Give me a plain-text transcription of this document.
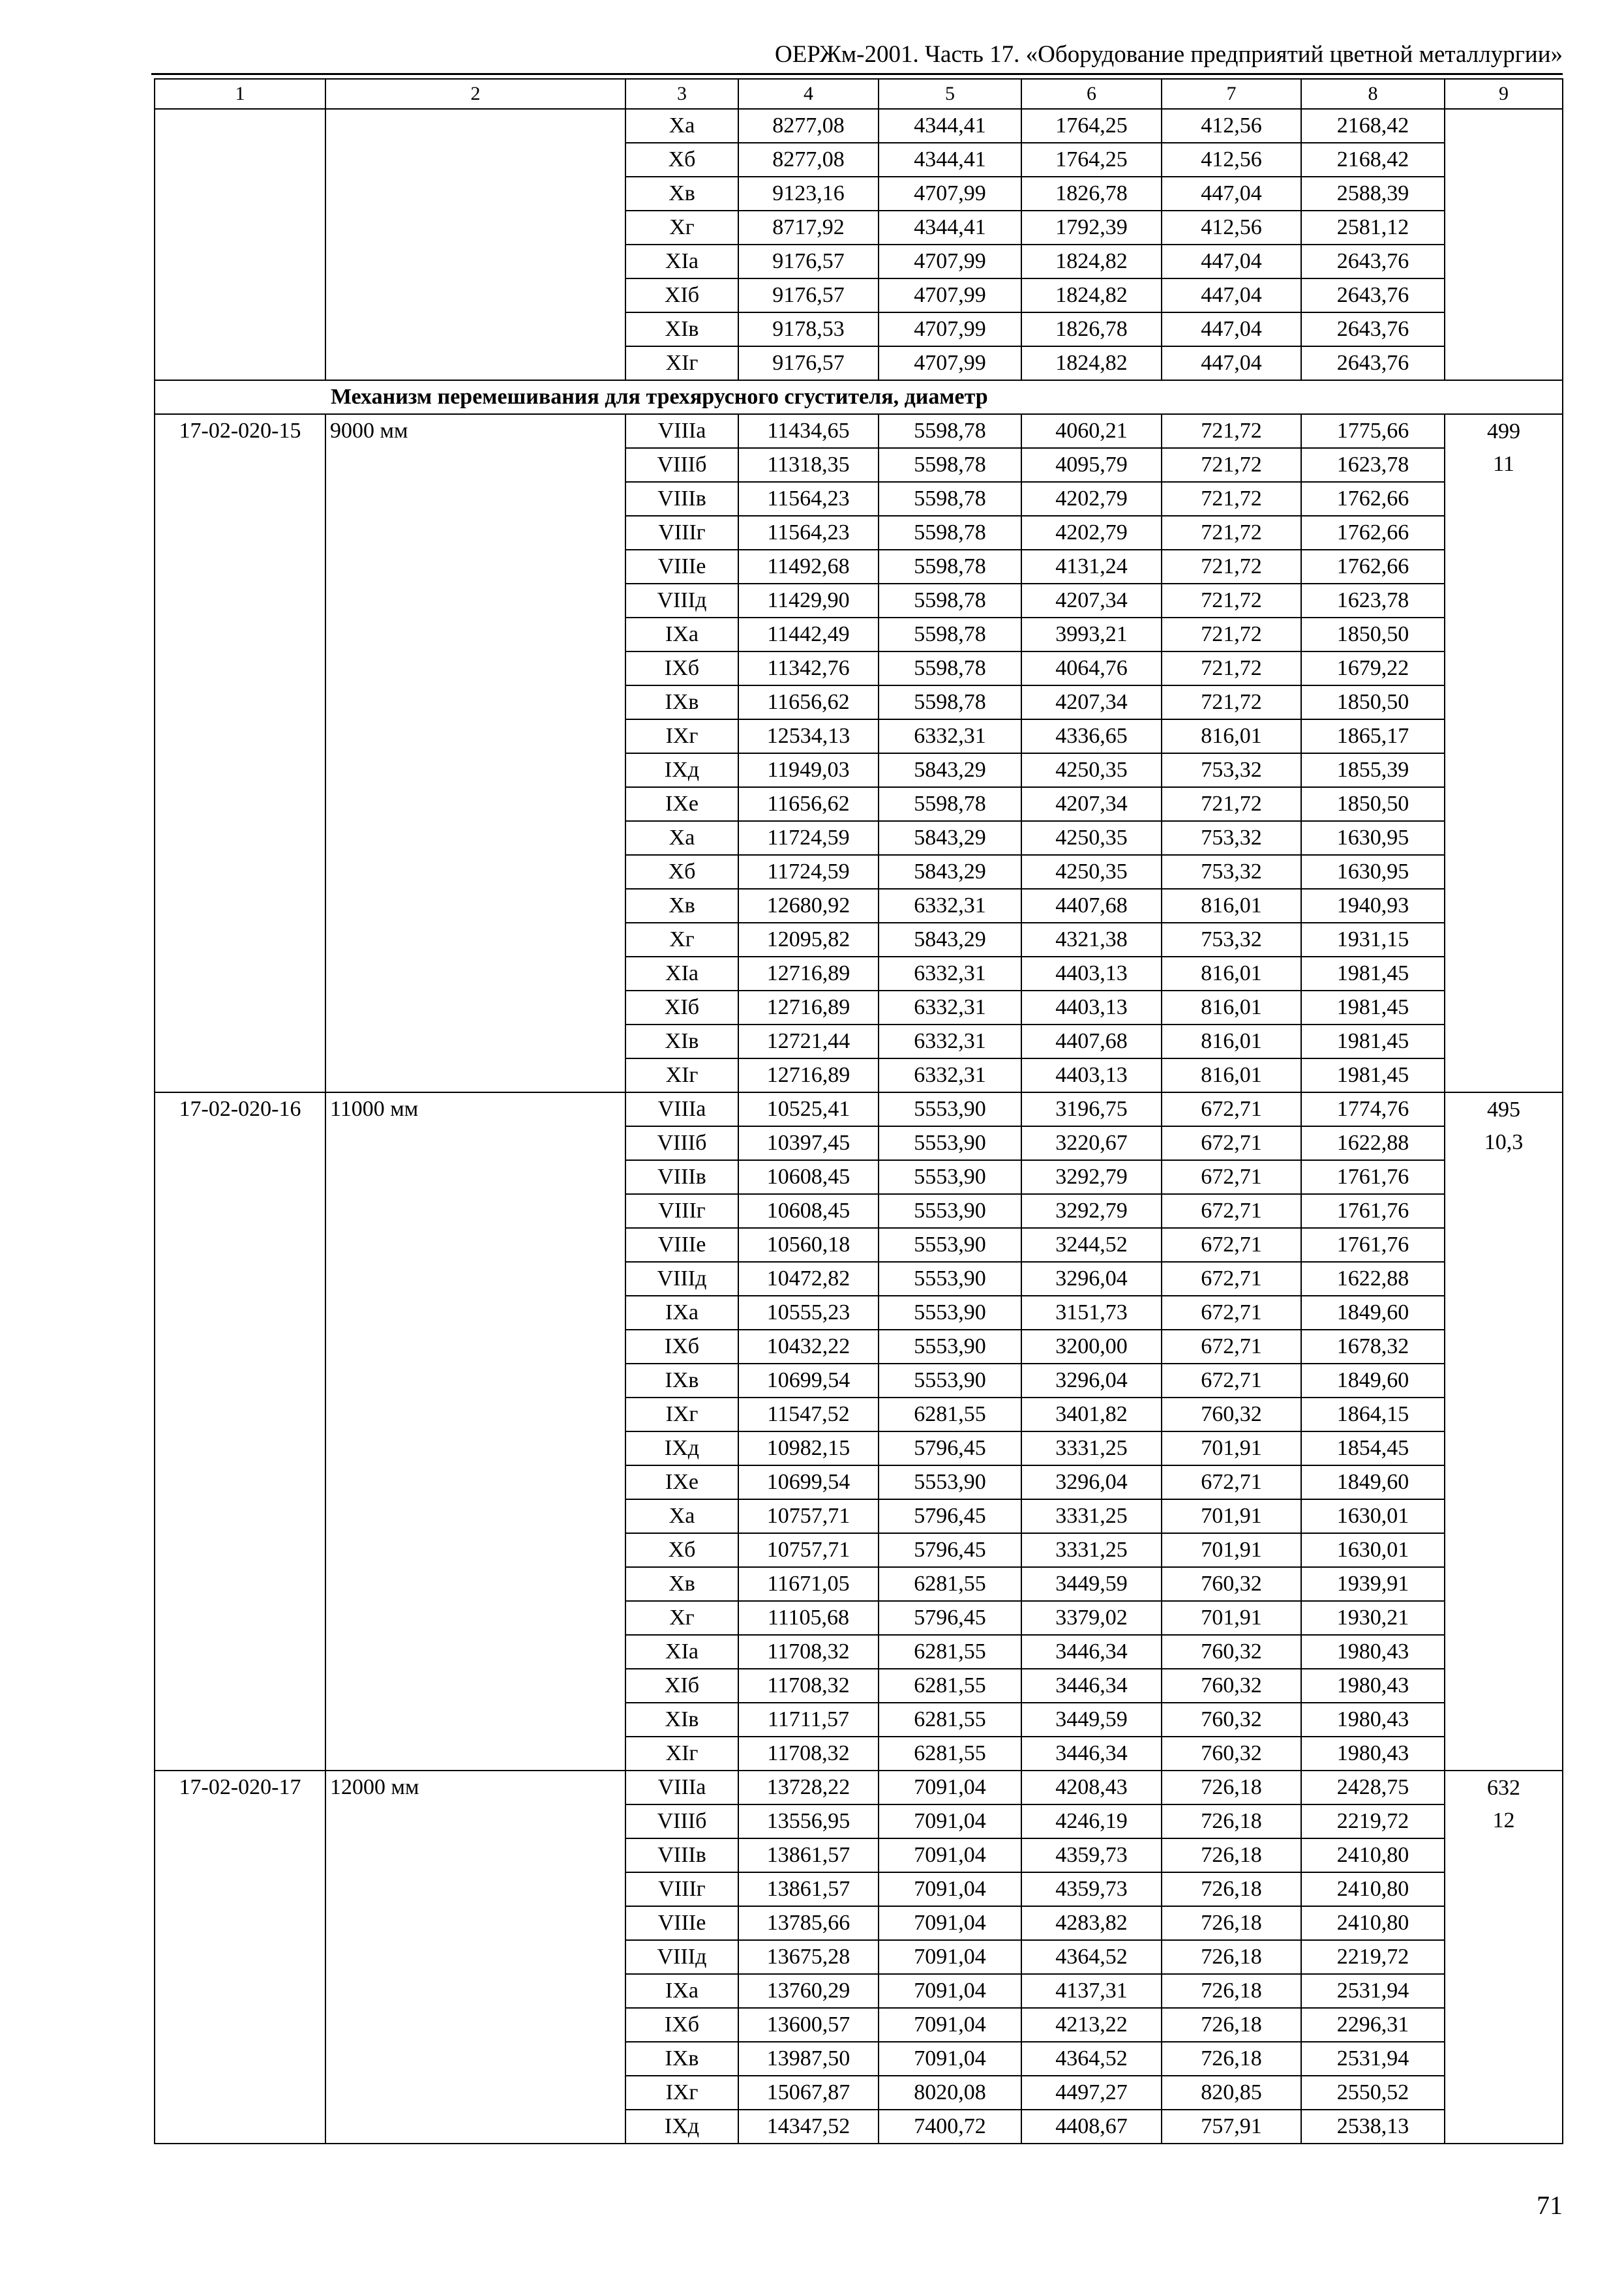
ОЕРЖм-2001. Часть 17. «Оборудование предприятий цветной металлургии»
1	2	3	4	5	6	7	8	9
		Xa	8277,08	4344,41	1764,25	412,56	2168,42	
		Xб	8277,08	4344,41	1764,25	412,56	2168,42	
		Xв	9123,16	4707,99	1826,78	447,04	2588,39	
		Xг	8717,92	4344,41	1792,39	412,56	2581,12	
		XIa	9176,57	4707,99	1824,82	447,04	2643,76	
		XIб	9176,57	4707,99	1824,82	447,04	2643,76	
		XIв	9178,53	4707,99	1826,78	447,04	2643,76	
		XIг	9176,57	4707,99	1824,82	447,04	2643,76	
	Механизм перемешивания для трехярусного сгустителя, диаметр							
17-02-020-15	9000 мм	VIIIa	11434,65	5598,78	4060,21	721,72	1775,66	499
		VIIIб	11318,35	5598,78	4095,79	721,72	1623,78	11
		VIIIв	11564,23	5598,78	4202,79	721,72	1762,66	
		VIIIг	11564,23	5598,78	4202,79	721,72	1762,66	
		VIIIe	11492,68	5598,78	4131,24	721,72	1762,66	
		VIIIд	11429,90	5598,78	4207,34	721,72	1623,78	
		IXa	11442,49	5598,78	3993,21	721,72	1850,50	
		IXб	11342,76	5598,78	4064,76	721,72	1679,22	
		IXв	11656,62	5598,78	4207,34	721,72	1850,50	
		IXг	12534,13	6332,31	4336,65	816,01	1865,17	
		IXд	11949,03	5843,29	4250,35	753,32	1855,39	
		IXe	11656,62	5598,78	4207,34	721,72	1850,50	
		Xa	11724,59	5843,29	4250,35	753,32	1630,95	
		Xб	11724,59	5843,29	4250,35	753,32	1630,95	
		Xв	12680,92	6332,31	4407,68	816,01	1940,93	
		Xг	12095,82	5843,29	4321,38	753,32	1931,15	
		XIa	12716,89	6332,31	4403,13	816,01	1981,45	
		XIб	12716,89	6332,31	4403,13	816,01	1981,45	
		XIв	12721,44	6332,31	4407,68	816,01	1981,45	
		XIг	12716,89	6332,31	4403,13	816,01	1981,45	
17-02-020-16	11000 мм	VIIIa	10525,41	5553,90	3196,75	672,71	1774,76	495
		VIIIб	10397,45	5553,90	3220,67	672,71	1622,88	10,3
		VIIIв	10608,45	5553,90	3292,79	672,71	1761,76	
		VIIIг	10608,45	5553,90	3292,79	672,71	1761,76	
		VIIIe	10560,18	5553,90	3244,52	672,71	1761,76	
		VIIIд	10472,82	5553,90	3296,04	672,71	1622,88	
		IXa	10555,23	5553,90	3151,73	672,71	1849,60	
		IXб	10432,22	5553,90	3200,00	672,71	1678,32	
		IXв	10699,54	5553,90	3296,04	672,71	1849,60	
		IXг	11547,52	6281,55	3401,82	760,32	1864,15	
		IXд	10982,15	5796,45	3331,25	701,91	1854,45	
		IXe	10699,54	5553,90	3296,04	672,71	1849,60	
		Xa	10757,71	5796,45	3331,25	701,91	1630,01	
		Xб	10757,71	5796,45	3331,25	701,91	1630,01	
		Xв	11671,05	6281,55	3449,59	760,32	1939,91	
		Xг	11105,68	5796,45	3379,02	701,91	1930,21	
		XIa	11708,32	6281,55	3446,34	760,32	1980,43	
		XIб	11708,32	6281,55	3446,34	760,32	1980,43	
		XIв	11711,57	6281,55	3449,59	760,32	1980,43	
		XIг	11708,32	6281,55	3446,34	760,32	1980,43	
17-02-020-17	12000 мм	VIIIa	13728,22	7091,04	4208,43	726,18	2428,75	632
		VIIIб	13556,95	7091,04	4246,19	726,18	2219,72	12
		VIIIв	13861,57	7091,04	4359,73	726,18	2410,80	
		VIIIг	13861,57	7091,04	4359,73	726,18	2410,80	
		VIIIe	13785,66	7091,04	4283,82	726,18	2410,80	
		VIIIд	13675,28	7091,04	4364,52	726,18	2219,72	
		IXa	13760,29	7091,04	4137,31	726,18	2531,94	
		IXб	13600,57	7091,04	4213,22	726,18	2296,31	
		IXв	13987,50	7091,04	4364,52	726,18	2531,94	
		IXг	15067,87	8020,08	4497,27	820,85	2550,52	
		IXд	14347,52	7400,72	4408,67	757,91	2538,13	
71
